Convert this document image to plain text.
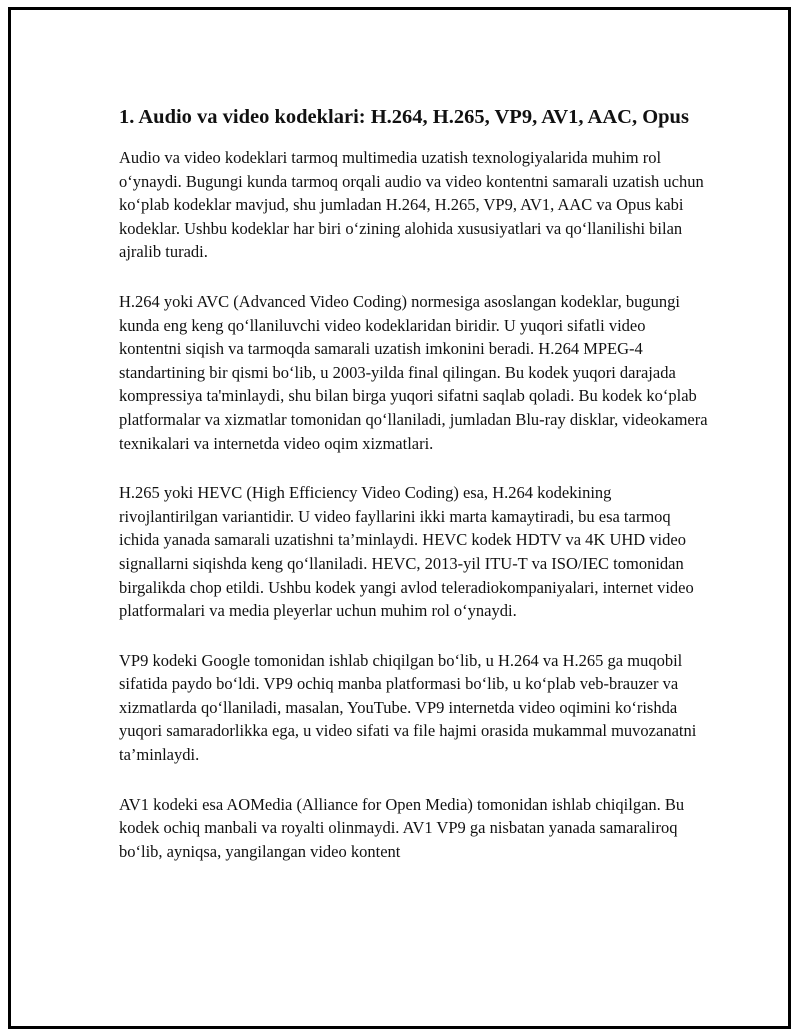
1. Audio va video kodeklari: H.264, H.265, VP9, AV1, AAC, Opus

Audio va video kodeklari tarmoq multimedia uzatish texnologiyalarida muhim rol o‘ynaydi. Bugungi kunda tarmoq orqali audio va video kontentni samarali uzatish uchun ko‘plab kodeklar mavjud, shu jumladan H.264, H.265, VP9, AV1, AAC va Opus kabi kodeklar. Ushbu kodeklar har biri o‘zining alohida xususiyatlari va qo‘llanilishi bilan ajralib turadi.

H.264 yoki AVC (Advanced Video Coding) normesiga asoslangan kodeklar, bugungi kunda eng keng qo‘llaniluvchi video kodeklaridan biridir. U yuqori sifatli video kontentni siqish va tarmoqda samarali uzatish imkonini beradi. H.264 MPEG-4 standartining bir qismi bo‘lib, u 2003-yilda final qilingan. Bu kodek yuqori darajada kompressiya ta'minlaydi, shu bilan birga yuqori sifatni saqlab qoladi. Bu kodek ko‘plab platformalar va xizmatlar tomonidan qo‘llaniladi, jumladan Blu-ray disklar, videokamera texnikalari va internetda video oqim xizmatlari.

H.265 yoki HEVC (High Efficiency Video Coding) esa, H.264 kodekining rivojlantirilgan variantidir. U video fayllarini ikki marta kamaytiradi, bu esa tarmoq ichida yanada samarali uzatishni ta’minlaydi. HEVC kodek HDTV va 4K UHD video signallarni siqishda keng qo‘llaniladi. HEVC, 2013-yil ITU-T va ISO/IEC tomonidan birgalikda chop etildi. Ushbu kodek yangi avlod teleradiokompaniyalari, internet video platformalari va media pleyerlar uchun muhim rol o‘ynaydi.

VP9 kodeki Google tomonidan ishlab chiqilgan bo‘lib, u H.264 va H.265 ga muqobil sifatida paydo bo‘ldi. VP9 ochiq manba platformasi bo‘lib, u ko‘plab veb-brauzer va xizmatlarda qo‘llaniladi, masalan, YouTube. VP9 internetda video oqimini ko‘rishda yuqori samaradorlikka ega, u video sifati va file hajmi orasida mukammal muvozanatni ta’minlaydi.

AV1 kodeki esa AOMedia (Alliance for Open Media) tomonidan ishlab chiqilgan. Bu kodek ochiq manbali va royalti olinmaydi. AV1 VP9 ga nisbatan yanada samaraliroq bo‘lib, ayniqsa, yangilangan video kontent
